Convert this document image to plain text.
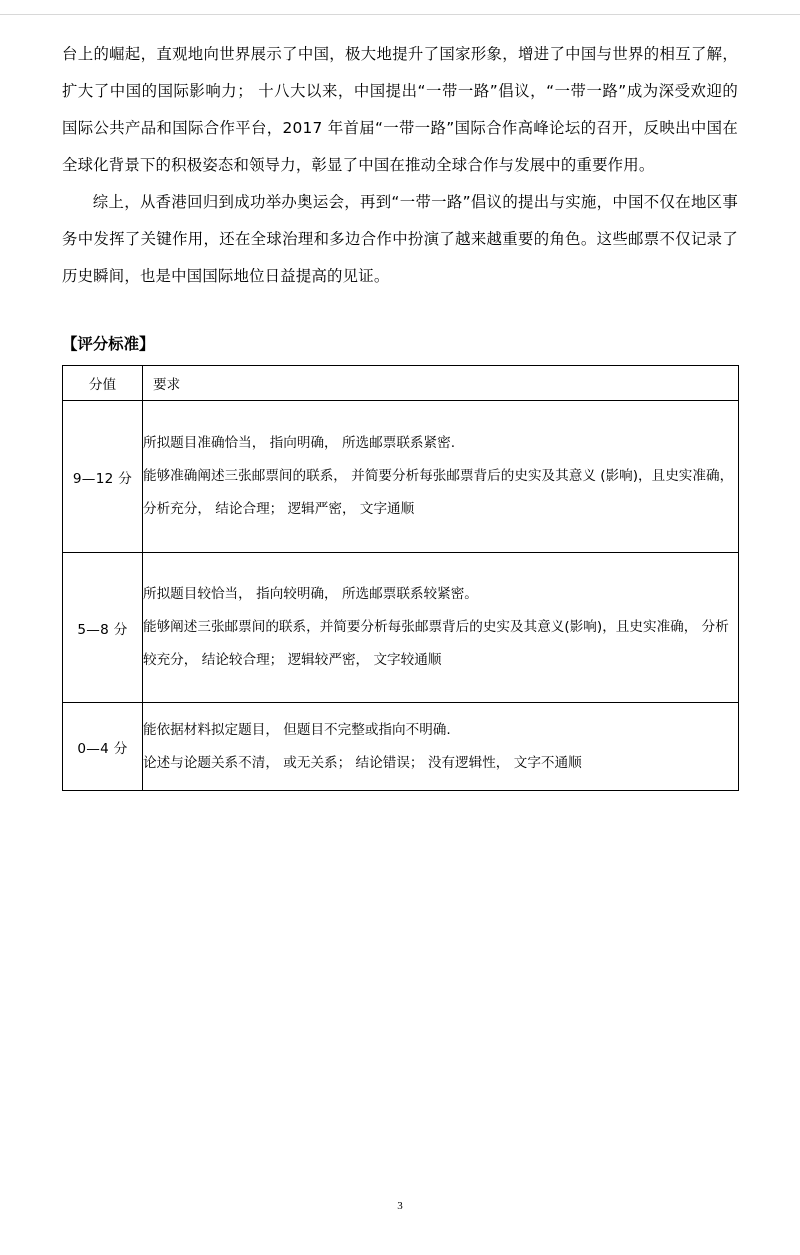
台上的崛起，直观地向世界展示了中国，极大地提升了国家形象，增进了中国与世界的相互了解，扩大了中国的国际影响力； 十八大以来，中国提出“一带一路”倡议，“一带一路”成为深受欢迎的国际公共产品和国际合作平台，2017 年首届“一带一路”国际合作高峰论坛的召开，反映出中国在全球化背景下的积极姿态和领导力，彰显了中国在推动全球合作与发展中的重要作用。

综上，从香港回归到成功举办奥运会，再到“一带一路”倡议的提出与实施，中国不仅在地区事务中发挥了关键作用，还在全球治理和多边合作中扮演了越来越重要的角色。这些邮票不仅记录了历史瞬间，也是中国国际地位日益提高的见证。

【评分标准】
分值	要求
9—12 分	所拟题目准确恰当， 指向明确， 所选邮票联系紧密.

能够准确阐述三张邮票间的联系， 并简要分析每张邮票背后的史实及其意义 (影响)，且史实准确， 分析充分， 结论合理； 逻辑严密， 文字通顺

5—8 分	所拟题目较恰当， 指向较明确， 所选邮票联系较紧密。

能够阐述三张邮票间的联系，并简要分析每张邮票背后的史实及其意义(影响)，且史实准确， 分析较充分， 结论较合理； 逻辑较严密， 文字较通顺

0—4 分	能依据材料拟定题目， 但题目不完整或指向不明确.

论述与论题关系不清， 或无关系； 结论错误； 没有逻辑性， 文字不通顺

3
